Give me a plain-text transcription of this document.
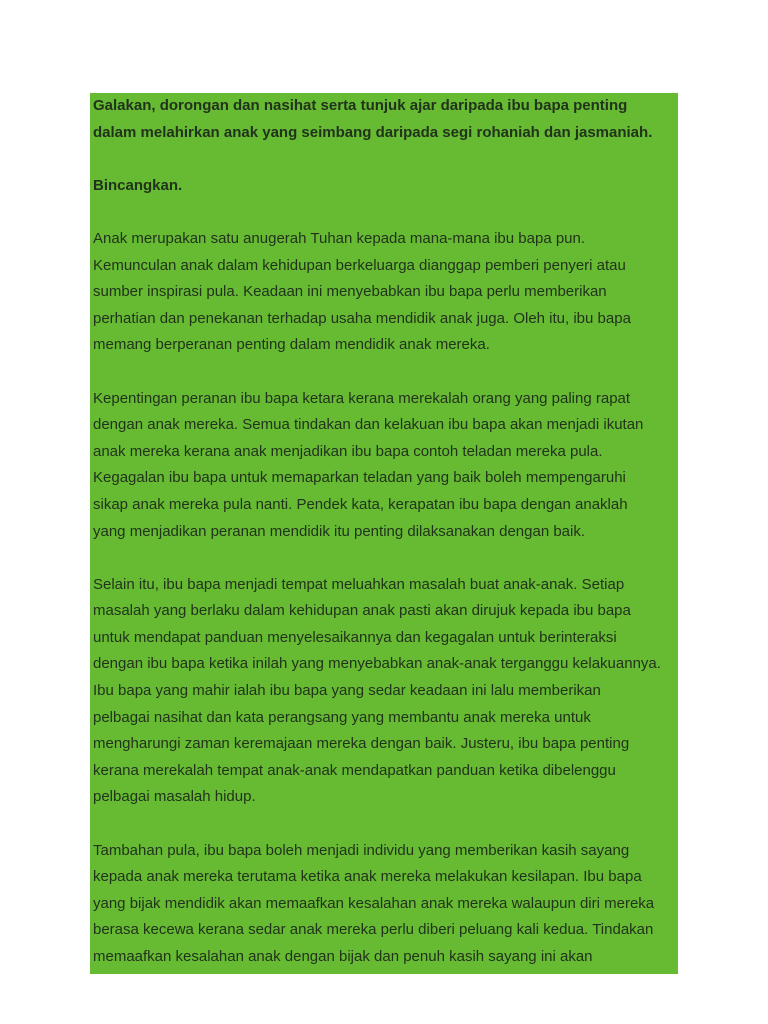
Galakan, dorongan dan nasihat serta tunjuk ajar daripada ibu bapa penting
dalam melahirkan anak yang seimbang daripada segi rohaniah dan jasmaniah.
Bincangkan.
Anak merupakan satu anugerah Tuhan kepada mana-mana ibu bapa pun.
Kemunculan anak dalam kehidupan berkeluarga dianggap pemberi penyeri atau
sumber inspirasi pula. Keadaan ini menyebabkan ibu bapa perlu memberikan
perhatian dan penekanan terhadap usaha mendidik anak juga. Oleh itu, ibu bapa
memang berperanan penting dalam mendidik anak mereka.
Kepentingan peranan ibu bapa ketara kerana merekalah orang yang paling rapat
dengan anak mereka. Semua tindakan dan kelakuan ibu bapa akan menjadi ikutan
anak mereka kerana anak menjadikan ibu bapa contoh teladan mereka pula.
Kegagalan ibu bapa untuk memaparkan teladan yang baik boleh mempengaruhi
sikap anak mereka pula nanti. Pendek kata, kerapatan ibu bapa dengan anaklah
yang menjadikan peranan mendidik itu penting dilaksanakan dengan baik.
Selain itu, ibu bapa menjadi tempat meluahkan masalah buat anak-anak. Setiap
masalah yang berlaku dalam kehidupan anak pasti akan dirujuk kepada ibu bapa
untuk mendapat panduan menyelesaikannya dan kegagalan untuk berinteraksi
dengan ibu bapa ketika inilah yang menyebabkan anak-anak terganggu kelakuannya.
Ibu bapa yang mahir ialah ibu bapa yang sedar keadaan ini lalu memberikan
pelbagai nasihat dan kata perangsang yang membantu anak mereka untuk
mengharungi zaman keremajaan mereka dengan baik. Justeru, ibu bapa penting
kerana merekalah tempat anak-anak mendapatkan panduan ketika dibelenggu
pelbagai masalah hidup.
Tambahan pula, ibu bapa boleh menjadi individu yang memberikan kasih sayang
kepada anak mereka terutama ketika anak mereka melakukan kesilapan. Ibu bapa
yang bijak mendidik akan memaafkan kesalahan anak mereka walaupun diri mereka
berasa kecewa kerana sedar anak mereka perlu diberi peluang kali kedua. Tindakan
memaafkan kesalahan anak dengan bijak dan penuh kasih sayang ini akan
